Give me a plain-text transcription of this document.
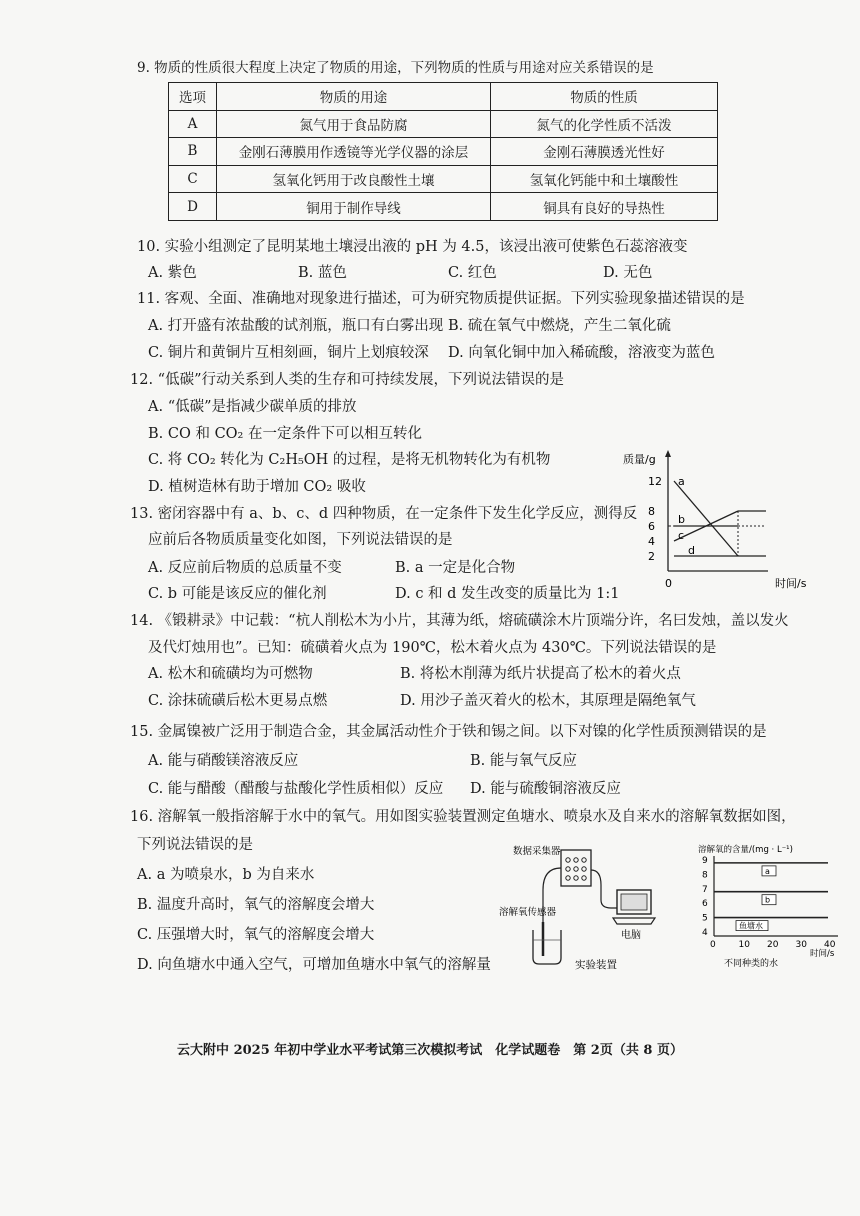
9. 物质的性质很大程度上决定了物质的用途，下列物质的性质与用途对应关系错误的是
选项	物质的用途	物质的性质
A	氮气用于食品防腐	氮气的化学性质不活泼
B	金刚石薄膜用作透镜等光学仪器的涂层	金刚石薄膜透光性好
C	氢氧化钙用于改良酸性土壤	氢氧化钙能中和土壤酸性
D	铜用于制作导线	铜具有良好的导热性
10. 实验小组测定了昆明某地土壤浸出液的 pH 为 4.5，该浸出液可使紫色石蕊溶液变
A. 紫色	B. 蓝色	C. 红色	D. 无色
11. 客观、全面、准确地对现象进行描述，可为研究物质提供证据。下列实验现象描述错误的是
A. 打开盛有浓盐酸的试剂瓶，瓶口有白雾出现 B. 硫在氧气中燃烧，产生二氧化硫
C. 铜片和黄铜片互相刻画，铜片上划痕较深 D. 向氧化铜中加入稀硫酸，溶液变为蓝色
12. “低碳”行动关系到人类的生存和可持续发展，下列说法错误的是
A. “低碳”是指减少碳单质的排放
B. CO 和 CO₂ 在一定条件下可以相互转化
C. 将 CO₂ 转化为 C₂H₅OH 的过程，是将无机物转化为有机物
D. 植树造林有助于增加 CO₂ 吸收
13. 密闭容器中有 a、b、c、d 四种物质，在一定条件下发生化学反应，测得反
应前后各物质质量变化如图，下列说法错误的是
A. 反应前后物质的总质量不变	B. a 一定是化合物
C. b 可能是该反应的催化剂	D. c 和 d 发生改变的质量比为 1:1
质量/g
时间/s
0
12
8
6
4
2
a
b
c
d
14. 《锻耕录》中记载：“杭人削松木为小片，其薄为纸，熔硫磺涂木片顶端分许，名曰发烛，盖以发火
及代灯烛用也”。已知：硫磺着火点为 190℃，松木着火点为 430℃。下列说法错误的是
A. 松木和硫磺均为可燃物	B. 将松木削薄为纸片状提高了松木的着火点
C. 涂抹硫磺后松木更易点燃	D. 用沙子盖灭着火的松木，其原理是隔绝氧气
15. 金属镍被广泛用于制造合金，其金属活动性介于铁和锡之间。以下对镍的化学性质预测错误的是
A. 能与硝酸镁溶液反应	B. 能与氧气反应
C. 能与醋酸（醋酸与盐酸化学性质相似）反应 D. 能与硫酸铜溶液反应
16. 溶解氧一般指溶解于水中的氧气。用如图实验装置测定鱼塘水、喷泉水及自来水的溶解氧数据如图，
下列说法错误的是
A. a 为喷泉水，b 为自来水
B. 温度升高时，氧气的溶解度会增大
C. 压强增大时，氧气的溶解度会增大
D. 向鱼塘水中通入空气，可增加鱼塘水中氧气的溶解量
数据采集器
电脑
溶解氧传感器
实验装置
溶解氧的含量/(mg · L⁻¹)
9
8
7
6
5
4
0	10 20 30 40
a
b
鱼塘水
时间/s
不同种类的水
云大附中 2025 年初中学业水平考试第三次模拟考试　化学试题卷　第 2页（共 8 页）
